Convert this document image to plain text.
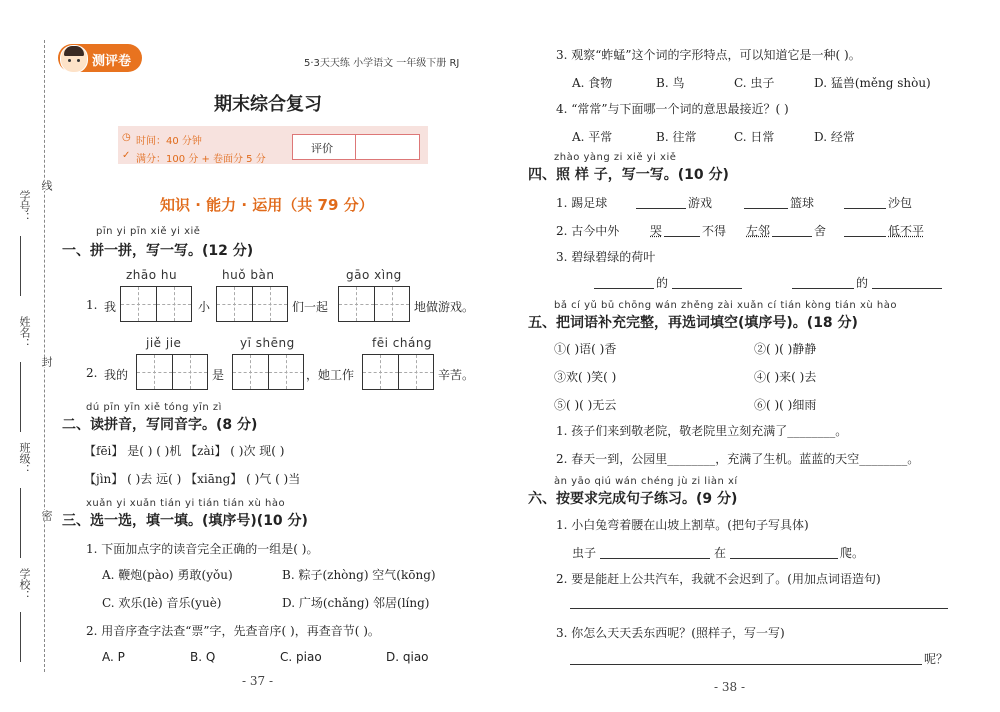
学号：
姓名：
班级：
学校：
线
封
密
测评卷	5·3天天练 小学语文 一年级下册 RJ
期末综合复习
◷ 时间：40 分钟
✓ 满分：100 分 + 卷面分 5 分
评价
知识 · 能力 · 运用（共 79 分）
pīn yi pīn xiě yi xiě
一、拼一拼，写一写。(12 分)
zhāo hu	huǒ bàn	gāo xìng
1. 我	小	们一起	地做游戏。
jiě jie	yī shēng	fēi cháng
2. 我的	是	，她工作	辛苦。
dú pīn yīn xiě tóng yīn zì
二、读拼音，写同音字。(8 分)
【fēi】 是( ) ( )机 【zài】 ( )次 现( )
【jìn】 ( )去 远( ) 【xiāng】 ( )气 ( )当
xuǎn yi xuǎn tián yi tián tián xù hào
三、选一选，填一填。(填序号)(10 分)
1. 下面加点字的读音完全正确的一组是( )。
A. 鞭炮(pào) 勇敢(yǒu)	B. 粽子(zhòng) 空气(kōng)
C. 欢乐(lè) 音乐(yuè)	D. 广场(chǎng) 邻居(líng)
2. 用音序查字法查“票”字，先查音序( )，再查音节( )。
A. P	B. Q	C. piao	D. qiao
- 37 -
3. 观察“蚱蜢”这个词的字形特点，可以知道它是一种( )。
A. 食物	B. 鸟	C. 虫子	D. 猛兽(měng shòu)
4. “常常”与下面哪一个词的意思最接近？( )
A. 平常	B. 往常	C. 日常	D. 经常
zhào yàng zi xiě yi xiě
四、照 样 子，写一写。(10 分)
1. 踢足球	游戏	篮球	沙包
2. 古今中外	哭	不得 左邻	舍	低不平
3. 碧绿碧绿的荷叶
的	的
bǎ cí yǔ bǔ chōng wán zhěng zài xuǎn cí tián kòng tián xù hào
五、把词语补充完整，再选词填空(填序号)。(18 分)
①( )语( )香	②( )( )静静
③欢( )笑( )	④( )来( )去
⑤( )( )无云	⑥( )( )细雨
1. 孩子们来到敬老院，敬老院里立刻充满了________。
2. 春天一到，公园里________，充满了生机。蓝蓝的天空________。
àn yāo qiú wán chéng jù zi liàn xí
六、按要求完成句子练习。(9 分)
1. 小白兔弯着腰在山坡上割草。(把句子写具体)
虫子	在	爬。
2. 要是能赶上公共汽车，我就不会迟到了。(用加点词语造句)
3. 你怎么天天丢东西呢？(照样子，写一写)
呢？
- 38 -
